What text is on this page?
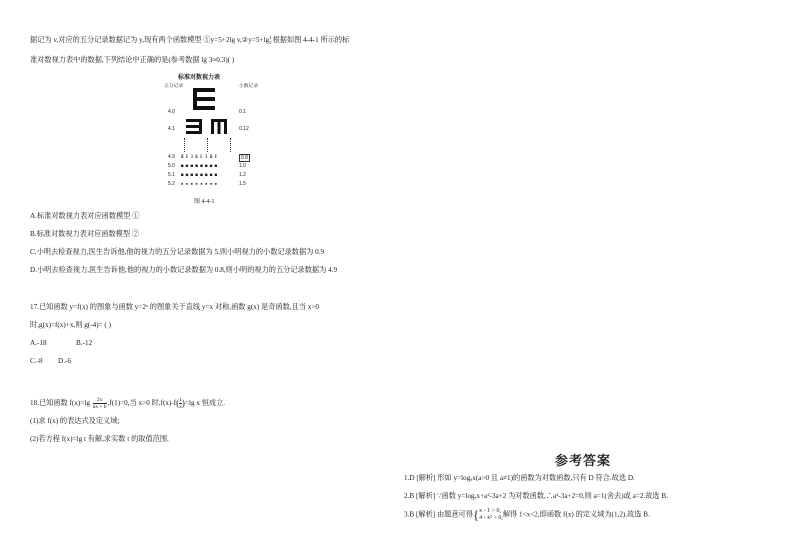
据记为 v,对应的五分记录数据记为 y,现有两个函数模型 ①y=5+2lg v,②y=5+lg1
v根据如图 4-4-1 所示的标
准对数视力表中的数据,下列结论中正确的是(参考数据 lg 3≈0.3)( )
标准对数视力表
五分记录	小数记录
4.0
4.1
4.9
5.0
5.1
5.2
0.1
0.12
0.8
1.0
1.2
1.5
ШЕЗШЕЗШЕ
■■■■■■■■
■■■■■■■■
▪▪▪▪▪▪▪▪
图 4-4-1
A.标准对数视力表对应函数模型 ①
B.标准对数视力表对应函数模型 ②
C.小明去检查视力,医生告诉他,他的视力的五分记录数据为 5,则小明视力的小数记录数据为 0.9
D.小明去检查视力,医生告诉他,他的视力的小数记录数据为 0.8,则小明的视力的五分记录数据为 4.9
17.已知函数 y=f(x) 的图象与函数 y=2ˣ 的图象关于直线 y=x 对称,函数 g(x) 是奇函数,且当 x>0
时,g(x)=f(x)+x,则 g(-4)= ( )
A.-18	B.-12
C.-8 D.-6
18.已知函数 $f(x)=\lg \frac{2x}{ax + b},f(1)=0$,当 x>0 时$,f(x)-f( \frac{1}{x})=\lg$ x 恒成立.
(1)求 f(x) 的表达式及定义域;
(2)若方程 f(x)=lg t 有解,求实数 t 的取值范围.
参考答案
1.D [解析] 形如 y=logₐx(a>0 且 a≠1)的函数为对数函数,只有 D 符合.故选 D.
2.B [解析] ∵函数 y=logₐx+a²-3a+2 为对数函数,∴a²-3a+2=0,则 a=1(舍去)或 a=2.故选 B.
3.B [解析] 由题意可得{x - 1 > 0,
4 - x² > 0,解得 1<x<2,即函数 f(x) 的定义域为(1,2).故选 B.
